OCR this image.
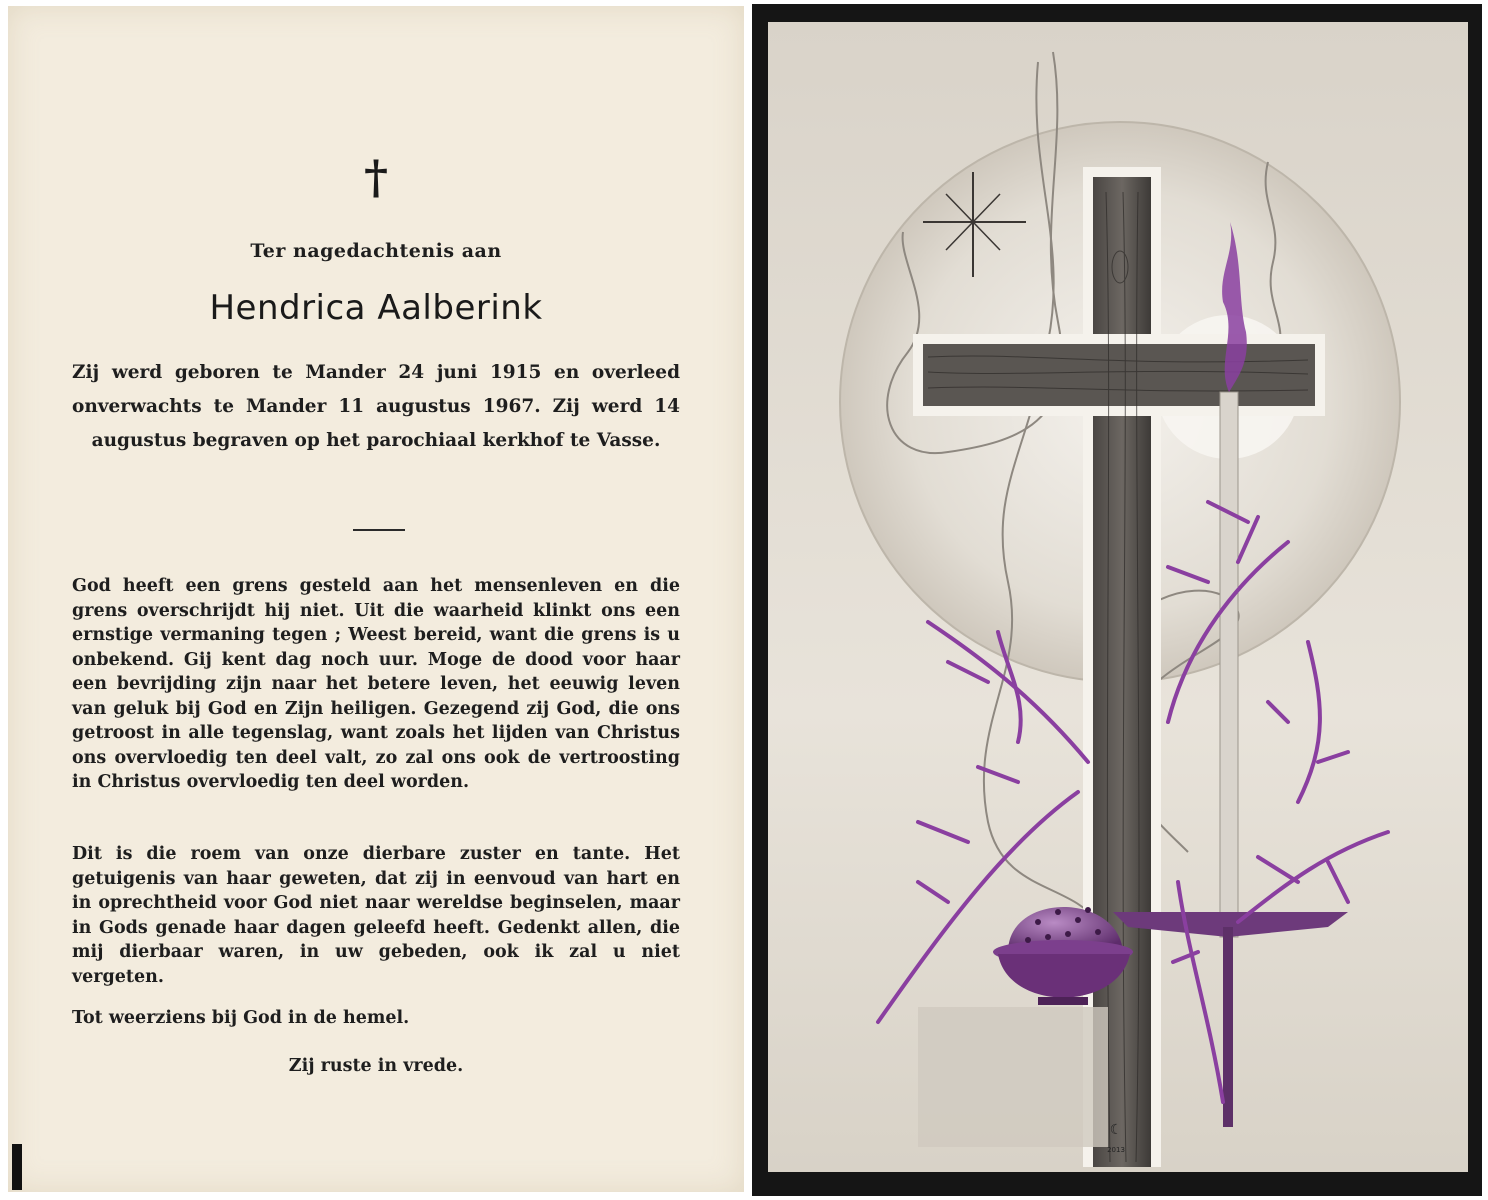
†
Ter nagedachtenis aan
Hendrica Aalberink
Zij werd geboren te Mander 24 juni 1915 en overleed onverwachts te Mander 11 augustus 1967. Zij werd 14 augustus begraven op het parochiaal kerkhof te Vasse.

God heeft een grens gesteld aan het mensenleven en die grens overschrijdt hij niet. Uit die waarheid klinkt ons een ernstige vermaning tegen ; Weest bereid, want die grens is u onbekend. Gij kent dag noch uur. Moge de dood voor haar een bevrijding zijn naar het betere leven, het eeuwig leven van geluk bij God en Zijn heiligen. Gezegend zij God, die ons getroost in alle tegenslag, want zoals het lijden van Christus ons overvloedig ten deel valt, zo zal ons ook de vertroosting in Christus overvloedig ten deel worden.

Dit is die roem van onze dierbare zuster en tante. Het getuigenis van haar geweten, dat zij in eenvoud van hart en in oprechtheid voor God niet naar wereldse beginselen, maar in Gods genade haar dagen geleefd heeft. Gedenkt allen, die mij dierbaar waren, in uw gebeden, ook ik zal u niet vergeten.

Tot weerziens bij God in de hemel.

Zij ruste in vrede.
☾
2013
